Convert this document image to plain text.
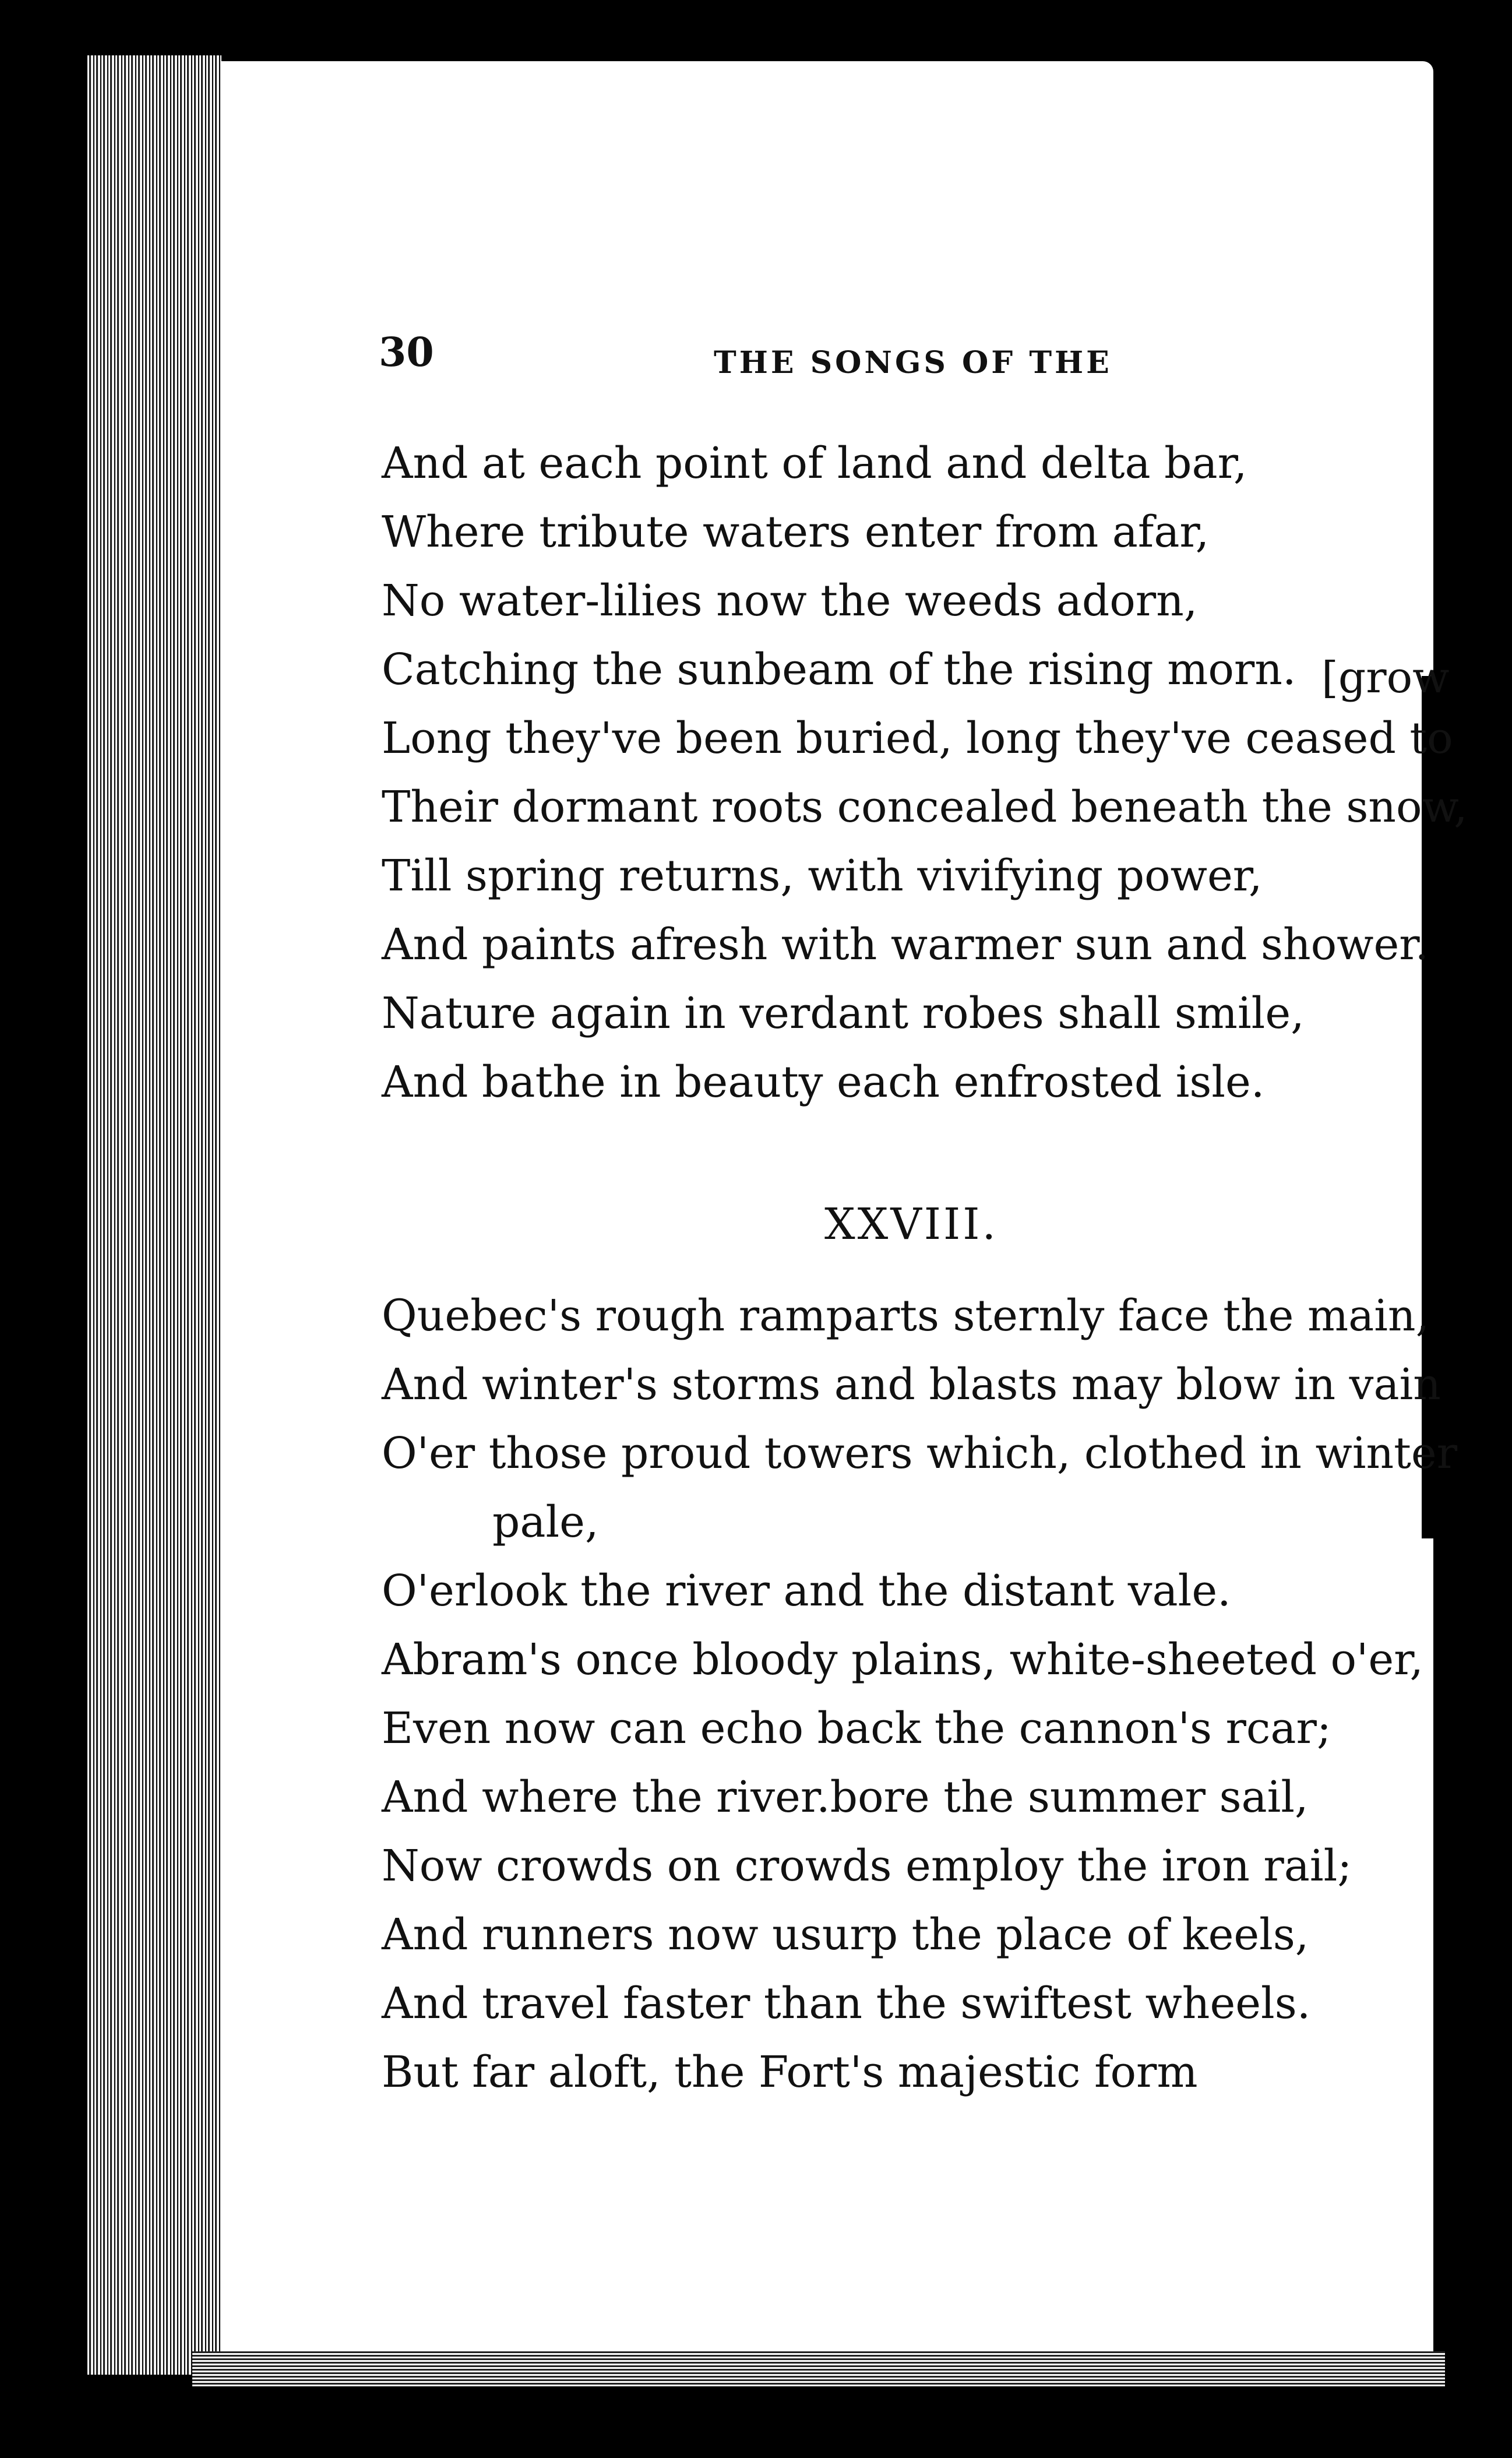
30	THE SONGS OF THE
And at each point of land and delta bar,
Where tribute waters enter from afar,
No water-lilies now the weeds adorn,
Catching the sunbeam of the rising morn. [grow
Long they've been buried, long they've ceased to
Their dormant roots concealed beneath the snow,
Till spring returns, with vivifying power,
And paints afresh with warmer sun and shower.
Nature again in verdant robes shall smile,
And bathe in beauty each enfrosted isle.
XXVIII.
Quebec's rough ramparts sternly face the main,
And winter's storms and blasts may blow in vain
O'er those proud towers which, clothed in winter
pale,
O'erlook the river and the distant vale.
Abram's once bloody plains, white-sheeted o'er,
Even now can echo back the cannon's rcar;
And where the river.bore the summer sail,
Now crowds on crowds employ the iron rail;
And runners now usurp the place of keels,
And travel faster than the swiftest wheels.
But far aloft, the Fort's majestic form
